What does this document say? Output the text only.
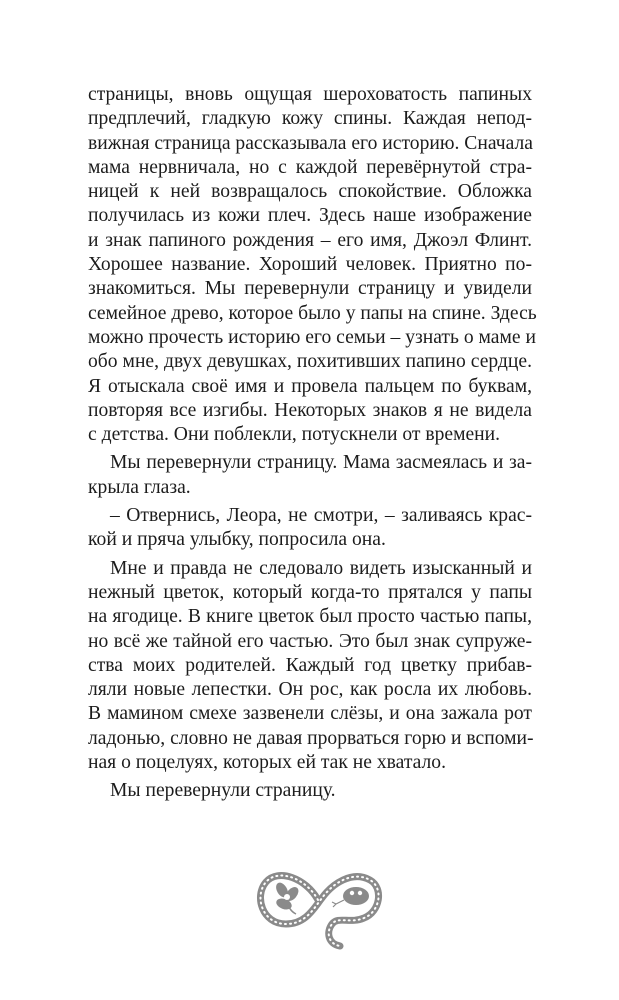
страницы, вновь ощущая шероховатость папиных
предплечий, гладкую кожу спины. Каждая непод-
вижная страница рассказывала его историю. Сначала
мама нервничала, но с каждой перевёрнутой стра-
ницей к ней возвращалось спокойствие. Обложка
получилась из кожи плеч. Здесь наше изображение
и знак папиного рождения – его имя, Джоэл Флинт.
Хорошее название. Хороший человек. Приятно по-
знакомиться. Мы перевернули страницу и увидели
семейное древо, которое было у папы на спине. Здесь
можно прочесть историю его семьи – узнать о маме и
обо мне, двух девушках, похитивших папино сердце.
Я отыскала своё имя и провела пальцем по буквам,
повторяя все изгибы. Некоторых знаков я не видела
с детства. Они поблекли, потускнели от времени.
Мы перевернули страницу. Мама засмеялась и за-
крыла глаза.
– Отвернись, Леора, не смотри, – заливаясь крас-
кой и пряча улыбку, попросила она.
Мне и правда не следовало видеть изысканный и
нежный цветок, который когда-то прятался у папы
на ягодице. В книге цветок был просто частью папы,
но всё же тайной его частью. Это был знак супруже-
ства моих родителей. Каждый год цветку прибав-
ляли новые лепестки. Он рос, как росла их любовь.
В мамином смехе зазвенели слёзы, и она зажала рот
ладонью, словно не давая прорваться горю и вспоми-
ная о поцелуях, которых ей так не хватало.
Мы перевернули страницу.
